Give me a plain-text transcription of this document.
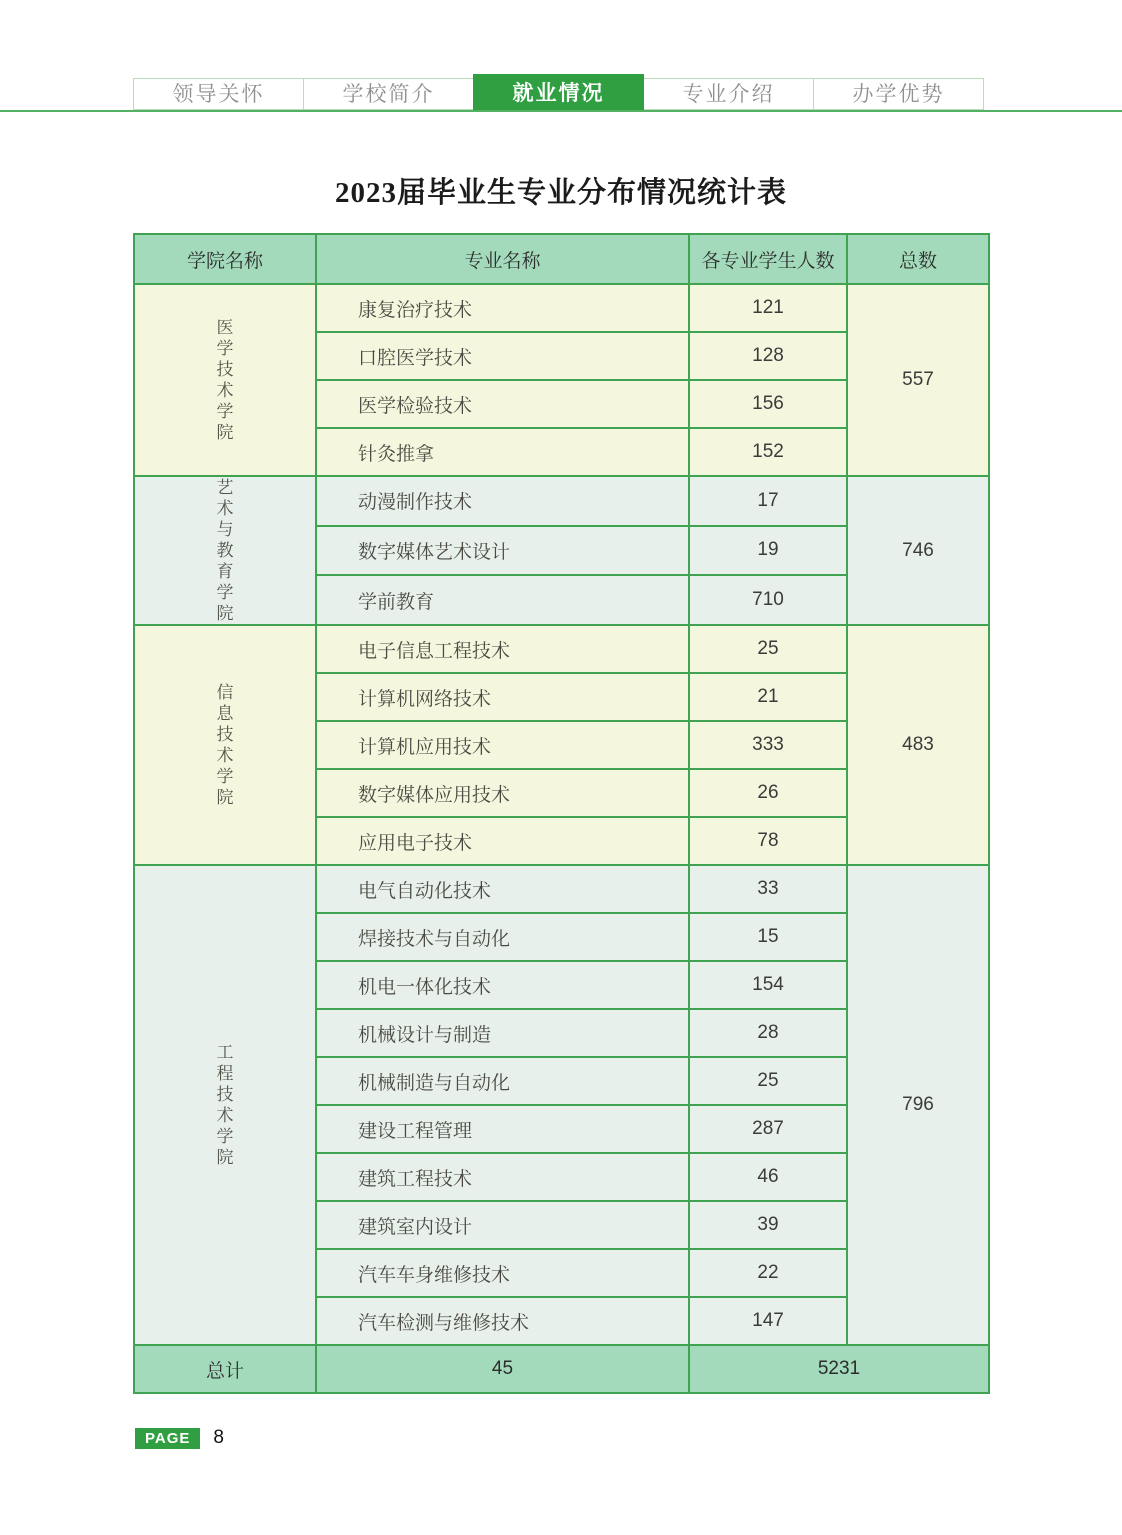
领导关怀	学校简介	就业情况	专业介绍	办学优势
2023届毕业生专业分布情况统计表
学院名称	专业名称	各专业学生人数	总数

医学技术学院	康复治疗技术	121	557
	口腔医学技术	128	
	医学检验技术	156	
	针灸推拿	152	

艺术与教育学院	动漫制作技术	17	746
	数字媒体艺术设计	19	
	学前教育	710	

信息技术学院	电子信息工程技术	25	483
	计算机网络技术	21	
	计算机应用技术	333	
	数字媒体应用技术	26	
	应用电子技术	78	

工程技术学院	电气自动化技术	33	796
	焊接技术与自动化	15	
	机电一体化技术	154	
	机械设计与制造	28	
	机械制造与自动化	25	
	建设工程管理	287	
	建筑工程技术	46	
	建筑室内设计	39	
	汽车车身维修技术	22	
	汽车检测与维修技术	147	
总计	45	5231	
PAGE	8
